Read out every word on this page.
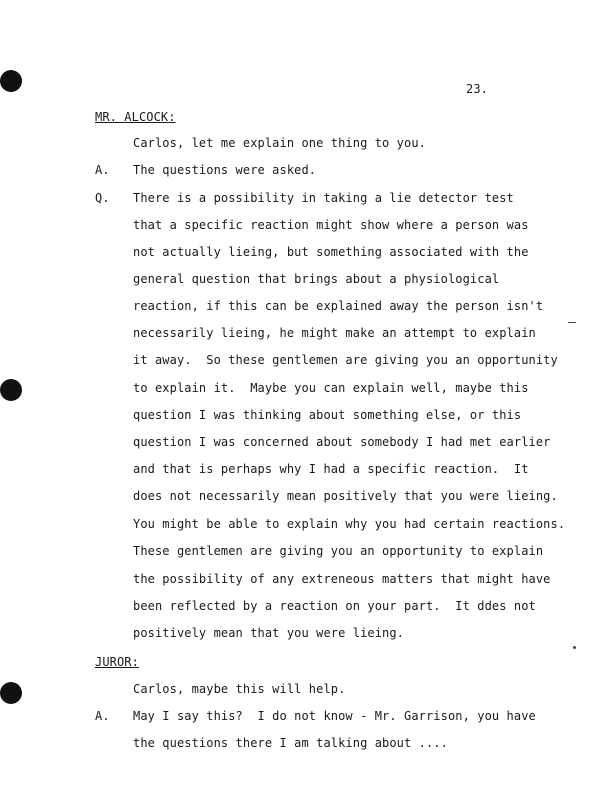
23.
MR. ALCOCK:
Carlos, let me explain one thing to you.
A. The questions were asked.
Q. There is a possibility in taking a lie detector test
that a specific reaction might show where a person was
not actually lieing, but something associated with the
general question that brings about a physiological
reaction, if this can be explained away the person isn't
necessarily lieing, he might make an attempt to explain
it away.  So these gentlemen are giving you an opportunity
to explain it.  Maybe you can explain well, maybe this
question I was thinking about something else, or this
question I was concerned about somebody I had met earlier
and that is perhaps why I had a specific reaction.  It
does not necessarily mean positively that you were lieing.
You might be able to explain why you had certain reactions.
These gentlemen are giving you an opportunity to explain
the possibility of any extreneous matters that might have
been reflected by a reaction on your part.  It ddes not
positively mean that you were lieing.
JUROR:
Carlos, maybe this will help.
A. May I say this?  I do not know - Mr. Garrison, you have
the questions there I am talking about ....
